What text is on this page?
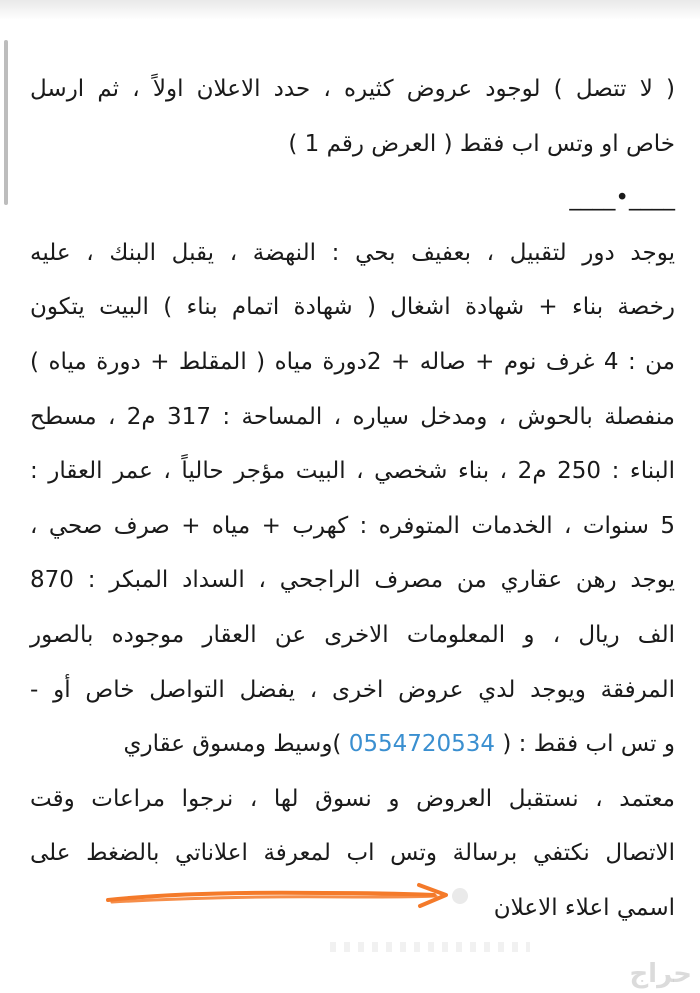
( لا تتصل ) لوجود عروض كثيره ، حدد الاعلان اولاً ، ثم ارسل
خاص او وتس اب فقط ( العرض رقم 1 )
____•____
يوجد دور لتقبيل ، بعفيف بحي : النهضة ، يقبل البنك ، عليه
رخصة بناء + شهادة اشغال ( شهادة اتمام بناء ) البيت يتكون
من : 4 غرف نوم + صاله + 2دورة مياه ( المقلط + دورة مياه )
منفصلة بالحوش ، ومدخل سياره ، المساحة : 317 م2 ، مسطح
البناء : 250 م2 ، بناء شخصي ، البيت مؤجر حالياً ، عمر العقار :
5 سنوات ، الخدمات المتوفره : كهرب + مياه + صرف صحي ،
يوجد رهن عقاري من مصرف الراجحي ، السداد المبكر : 870
الف ريال ، و المعلومات الاخرى عن العقار موجوده بالصور
المرفقة ويوجد لدي عروض اخرى ، يفضل التواصل خاص أو -
و تس اب فقط : ( 0554720534 )وسيط ومسوق عقاري
معتمد ، نستقبل العروض و نسوق لها ، نرجوا مراعات وقت
الاتصال نكتفي برسالة وتس اب لمعرفة اعلاناتي بالضغط على
اسمي اعلاء الاعلان
حراج
